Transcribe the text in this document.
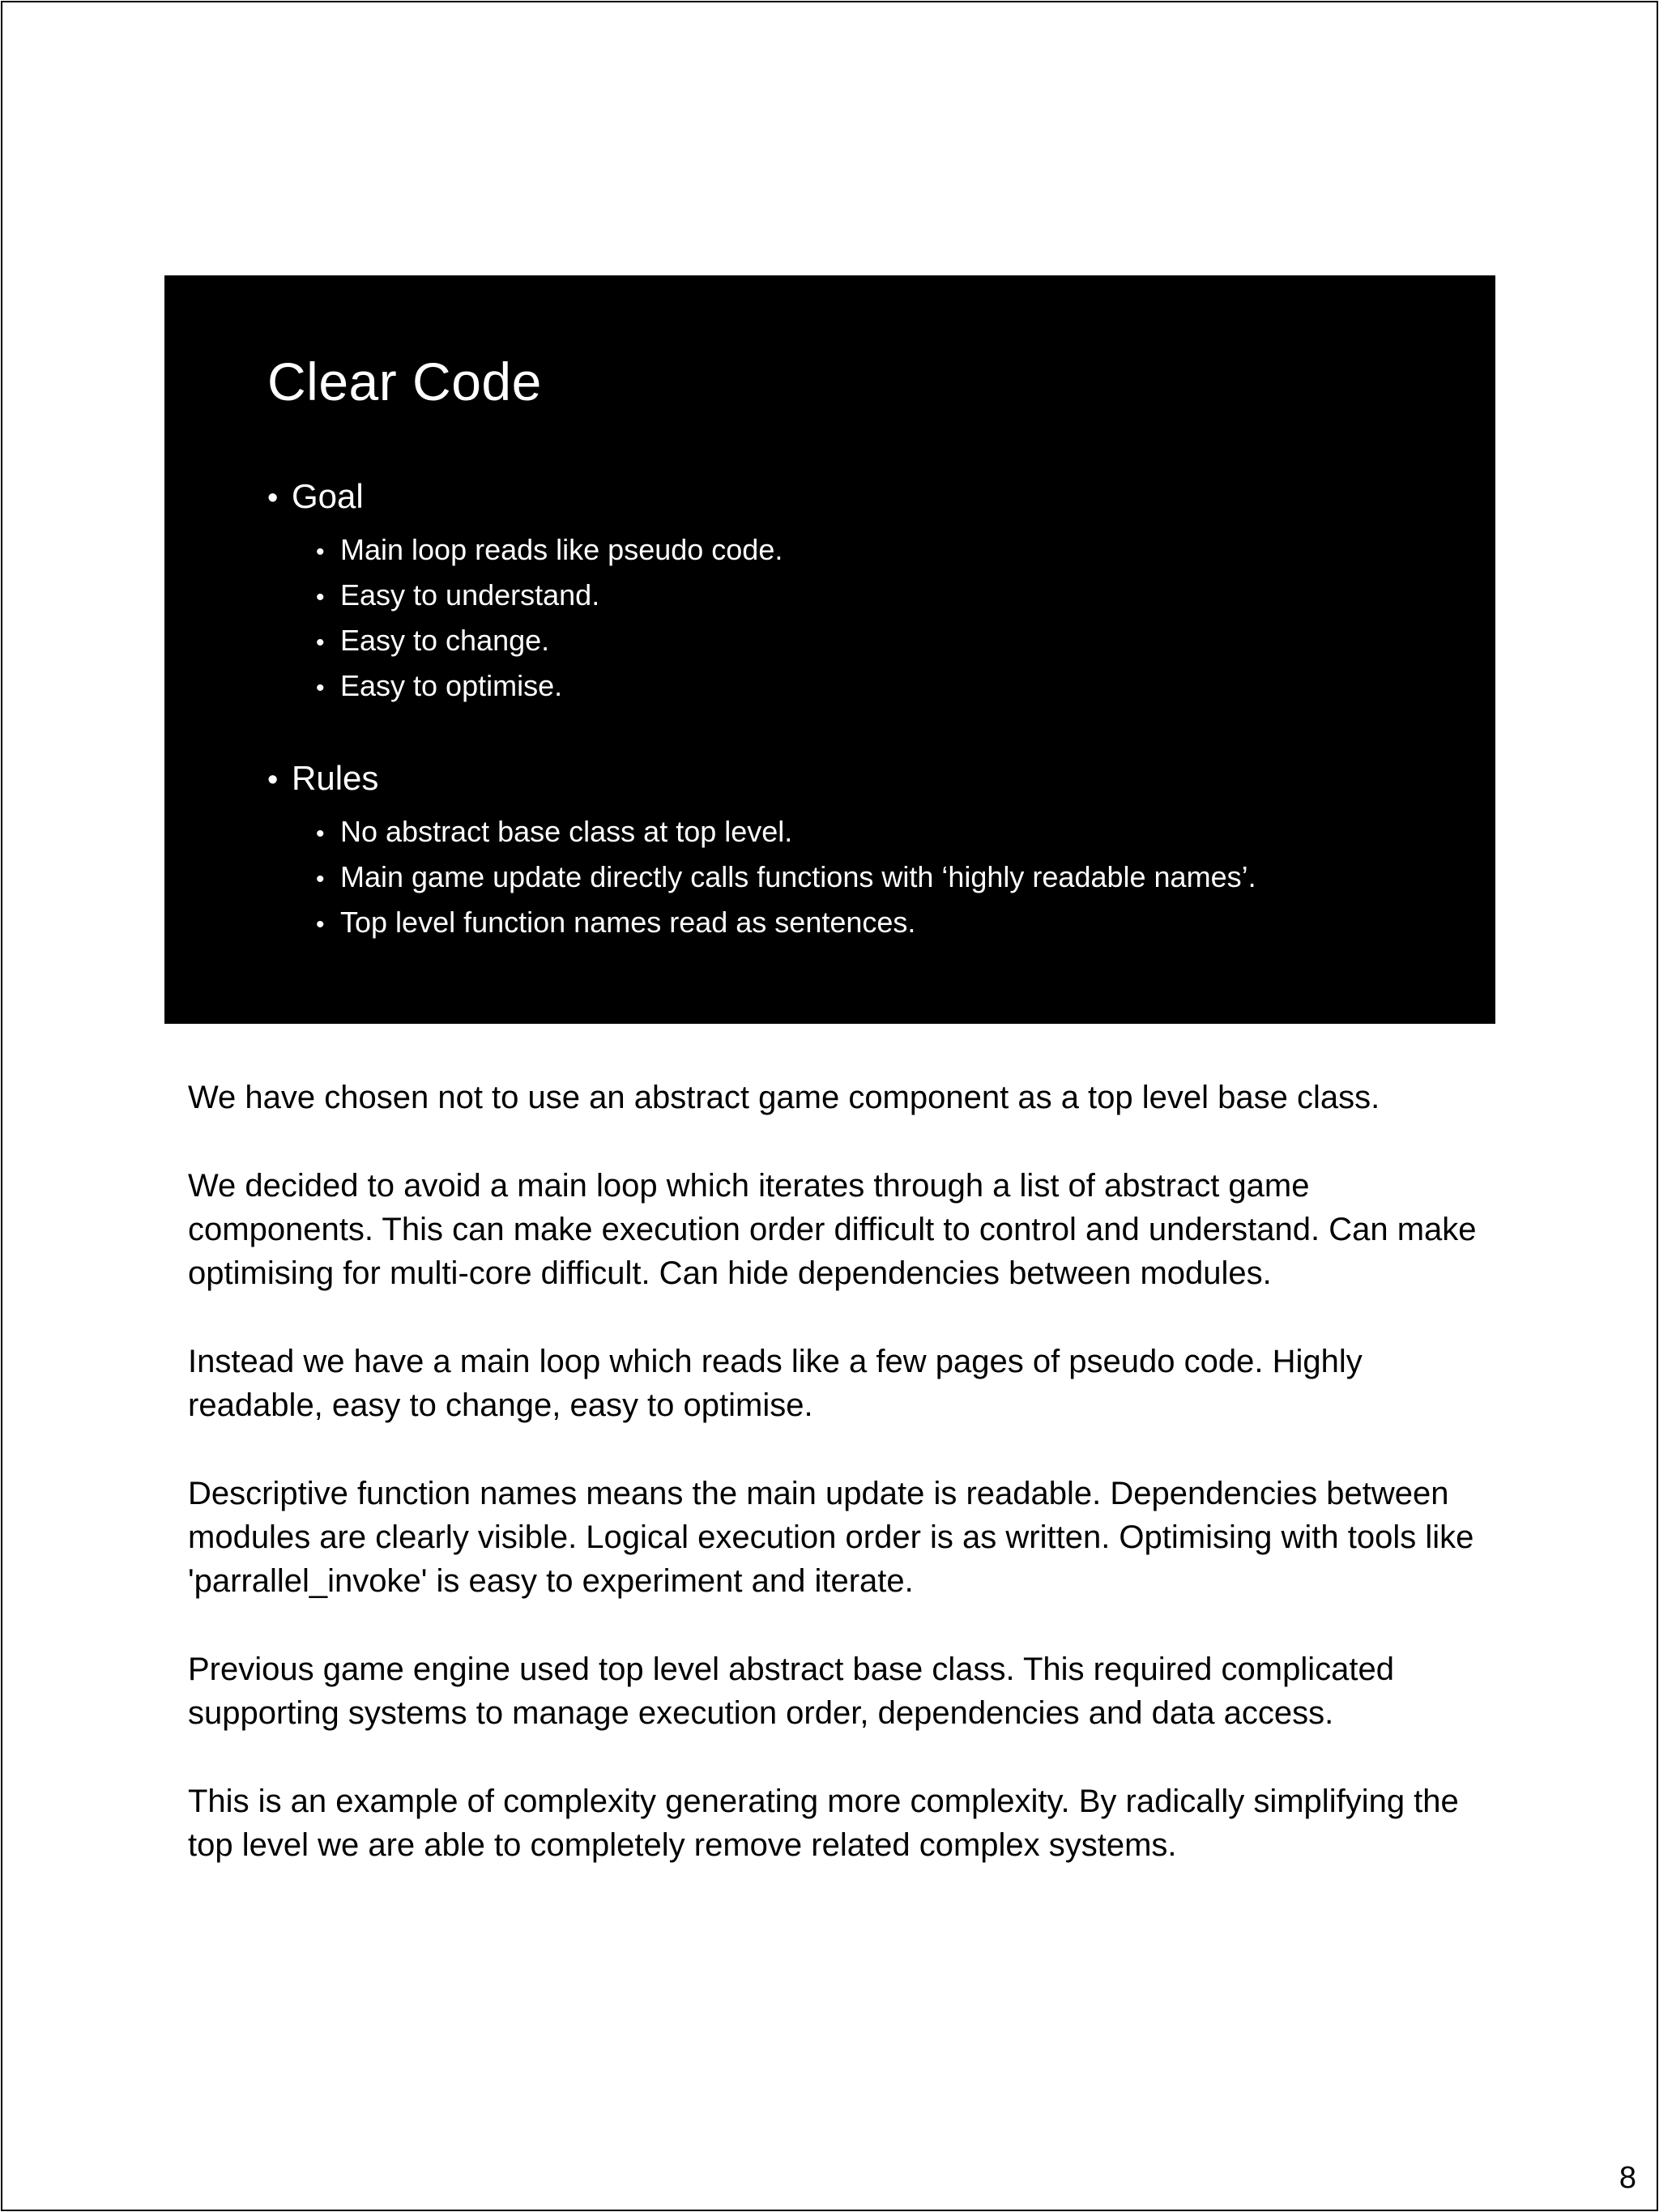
Clear Code
• Goal
• Main loop reads like pseudo code.
• Easy to understand.
• Easy to change.
• Easy to optimise.
• Rules
• No abstract base class at top level.
• Main game update directly calls functions with ‘highly readable names’.
• Top level function names read as sentences.

We have chosen not to use an abstract game component as a top level base class.

We decided to avoid a main loop which iterates through a list of abstract game components. This can make execution order difficult to control and understand. Can make optimising for multi-core difficult. Can hide dependencies between modules.

Instead we have a main loop which reads like a few pages of pseudo code. Highly readable, easy to change, easy to optimise.

Descriptive function names means the main update is readable. Dependencies between modules are clearly visible. Logical execution order is as written. Optimising with tools like 'parrallel_invoke' is easy to experiment and iterate.

Previous game engine used top level abstract base class. This required complicated supporting systems to manage execution order, dependencies and data access.

This is an example of complexity generating more complexity. By radically simplifying the top level we are able to completely remove related complex systems.

8
